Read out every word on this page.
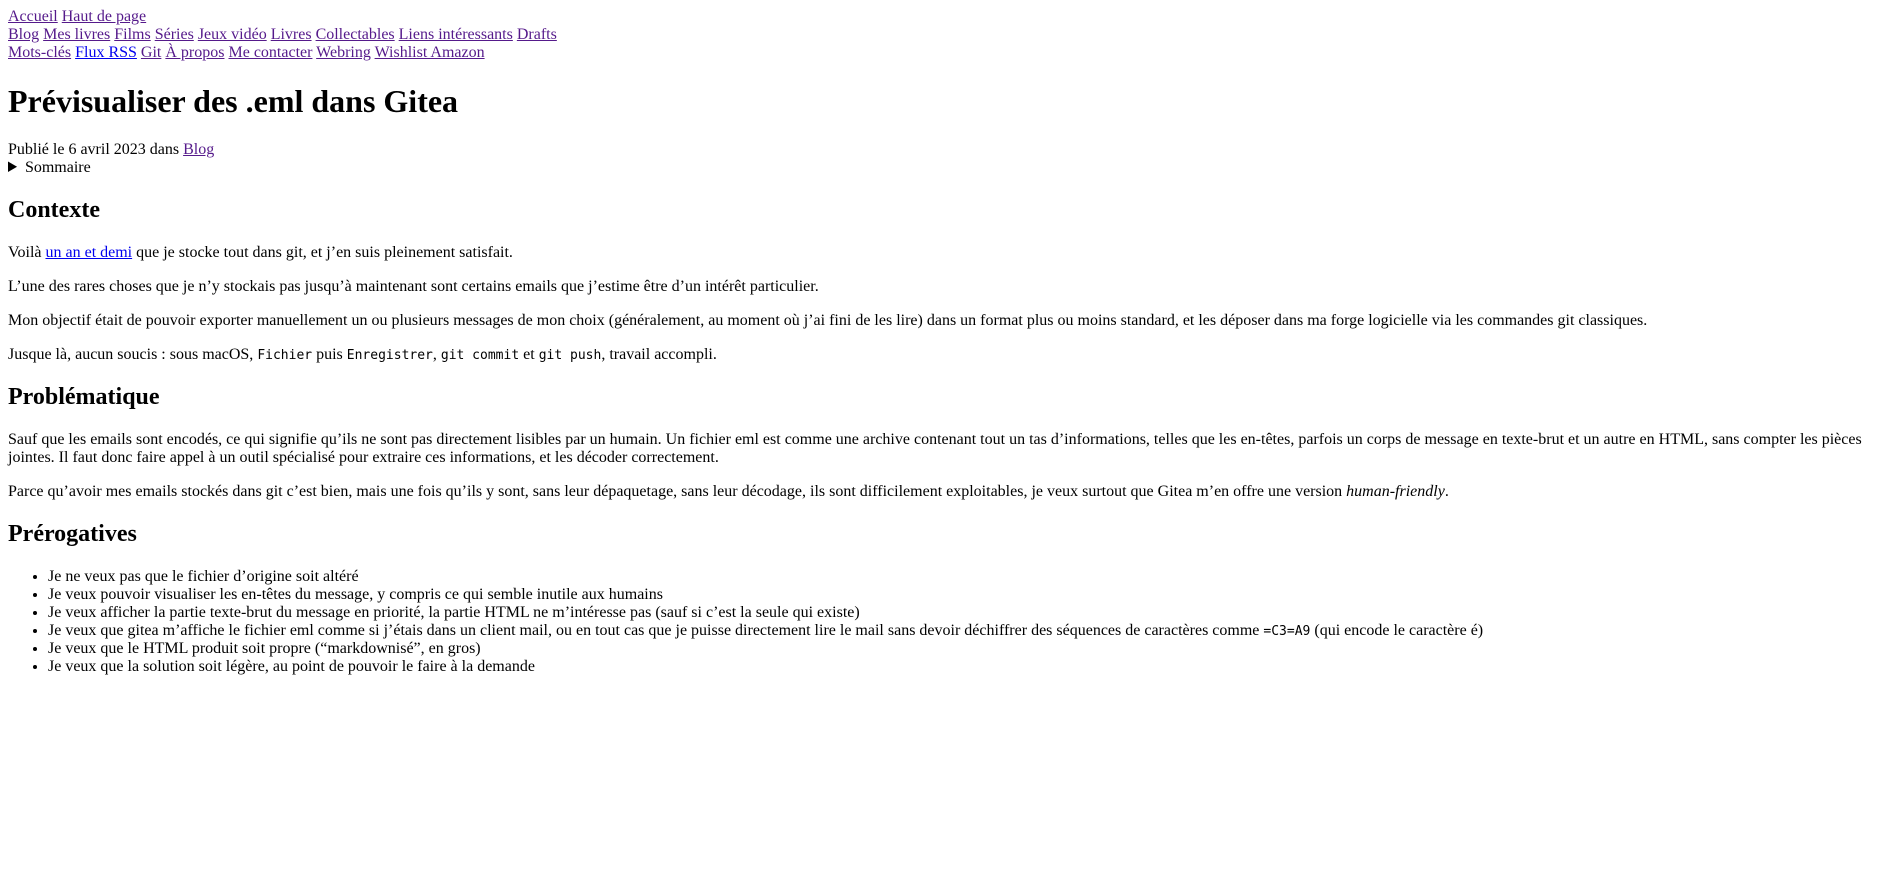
Accueil Haut de page
Blog Mes livres Films Séries Jeux vidéo Livres Collectables Liens intéressants Drafts
Mots-clés Flux RSS Git À propos Me contacter Webring Wishlist Amazon
Prévisualiser des .eml dans Gitea
Publié le 6 avril 2023 dans Blog
Sommaire
Contexte

Voilà un an et demi que je stocke tout dans git, et j’en suis pleinement satisfait.

L’une des rares choses que je n’y stockais pas jusqu’à maintenant sont certains emails que j’estime être d’un intérêt particulier.

Mon objectif était de pouvoir exporter manuellement un ou plusieurs messages de mon choix (généralement, au moment où j’ai fini de les lire) dans un format plus ou moins standard, et les déposer dans ma forge logicielle via les commandes git classiques.

Jusque là, aucun soucis : sous macOS, Fichier puis Enregistrer, git commit et git push, travail accompli.

Problématique

Sauf que les emails sont encodés, ce qui signifie qu’ils ne sont pas directement lisibles par un humain. Un fichier eml est comme une archive contenant tout un tas d’informations, telles que les en-têtes, parfois un corps de message en texte-brut et un autre en HTML, sans compter les pièces jointes. Il faut donc faire appel à un outil spécialisé pour extraire ces informations, et les décoder correctement.

Parce qu’avoir mes emails stockés dans git c’est bien, mais une fois qu’ils y sont, sans leur dépaquetage, sans leur décodage, ils sont difficilement exploitables, je veux surtout que Gitea m’en offre une version human-friendly.

Prérogatives
• Je ne veux pas que le fichier d’origine soit altéré
• Je veux pouvoir visualiser les en-têtes du message, y compris ce qui semble inutile aux humains
• Je veux afficher la partie texte-brut du message en priorité, la partie HTML ne m’intéresse pas (sauf si c’est la seule qui existe)
• Je veux que gitea m’affiche le fichier eml comme si j’étais dans un client mail, ou en tout cas que je puisse directement lire le mail sans devoir déchiffrer des séquences de caractères comme =C3=A9 (qui encode le caractère é)
• Je veux que le HTML produit soit propre (“markdownisé”, en gros)
• Je veux que la solution soit légère, au point de pouvoir le faire à la demande
